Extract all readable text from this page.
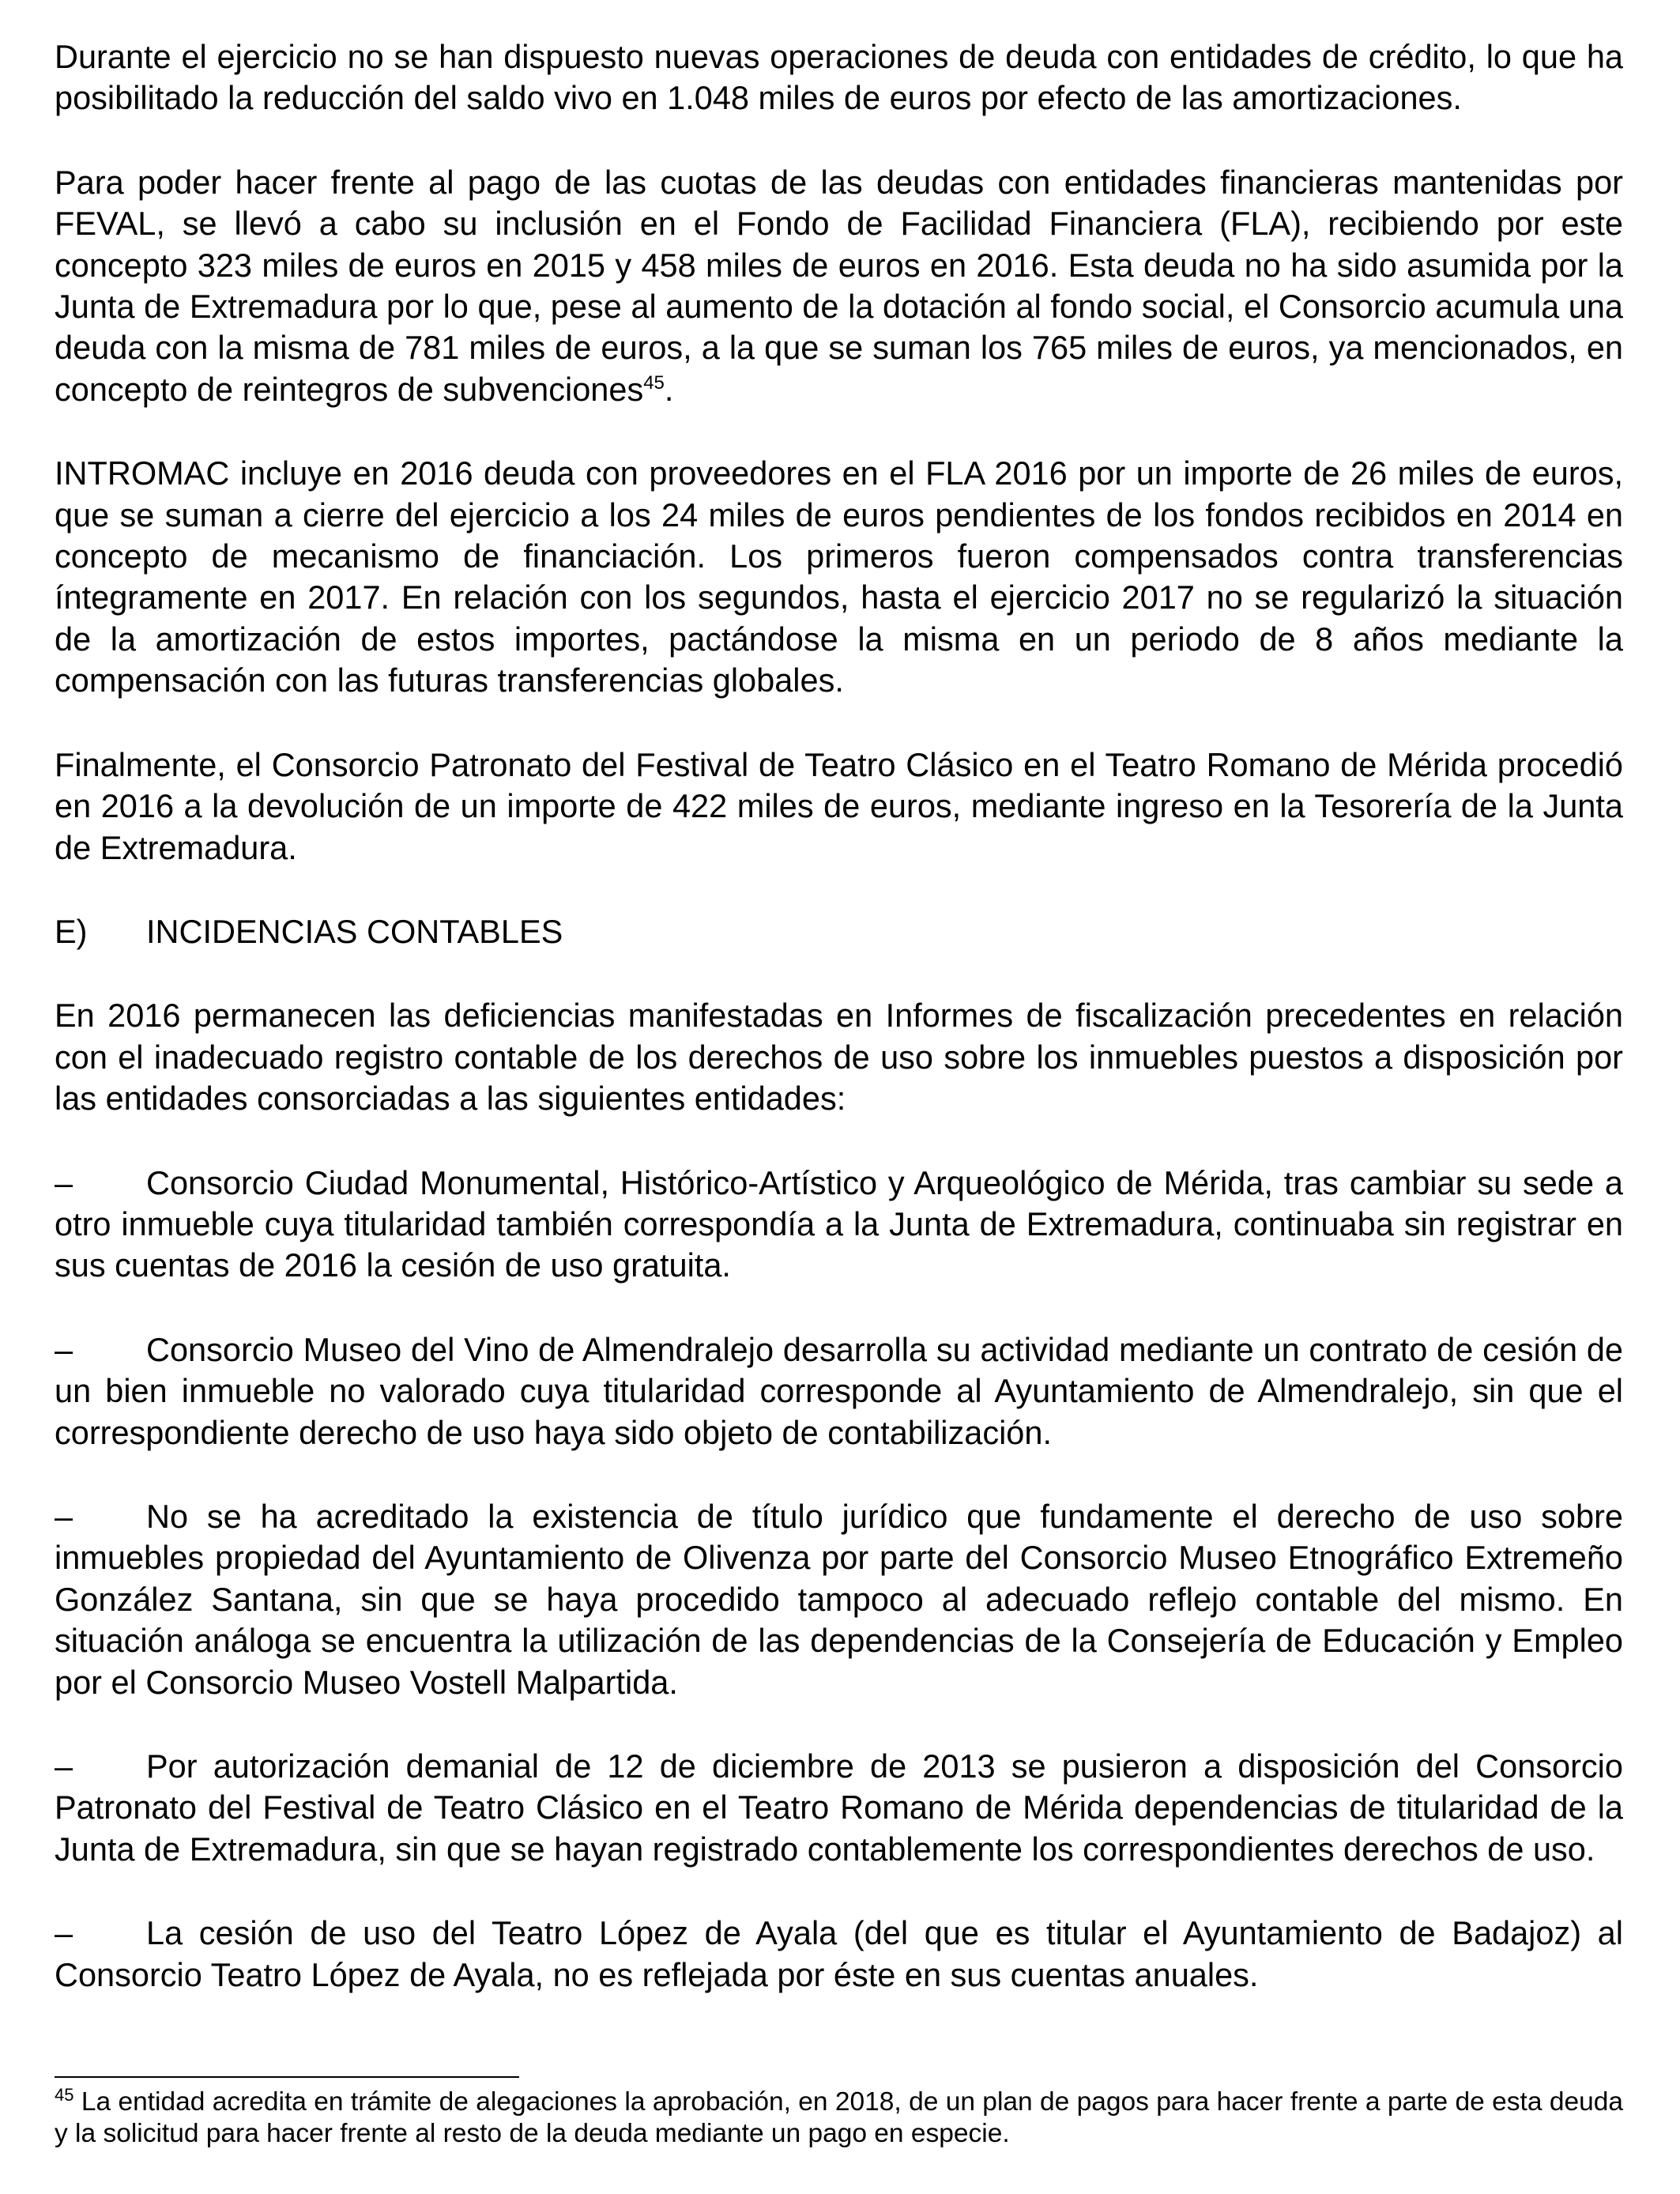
Durante el ejercicio no se han dispuesto nuevas operaciones de deuda con entidades de crédito, lo que ha posibilitado la reducción del saldo vivo en 1.048 miles de euros por efecto de las amortizaciones.

Para poder hacer frente al pago de las cuotas de las deudas con entidades financieras mantenidas por FEVAL, se llevó a cabo su inclusión en el Fondo de Facilidad Financiera (FLA), recibiendo por este concepto 323 miles de euros en 2015 y 458 miles de euros en 2016. Esta deuda no ha sido asumida por la Junta de Extremadura por lo que, pese al aumento de la dotación al fondo social, el Consorcio acumula una deuda con la misma de 781 miles de euros, a la que se suman los 765 miles de euros, ya mencionados, en concepto de reintegros de subvenciones$^{45}$.

INTROMAC incluye en 2016 deuda con proveedores en el FLA 2016 por un importe de 26 miles de euros, que se suman a cierre del ejercicio a los 24 miles de euros pendientes de los fondos recibidos en 2014 en concepto de mecanismo de financiación. Los primeros fueron compensados contra transferencias íntegramente en 2017. En relación con los segundos, hasta el ejercicio 2017 no se regularizó la situación de la amortización de estos importes, pactándose la misma en un periodo de 8 años mediante la compensación con las futuras transferencias globales.

Finalmente, el Consorcio Patronato del Festival de Teatro Clásico en el Teatro Romano de Mérida procedió en 2016 a la devolución de un importe de 422 miles de euros, mediante ingreso en la Tesorería de la Junta de Extremadura.

E) INCIDENCIAS CONTABLES

En 2016 permanecen las deficiencias manifestadas en Informes de fiscalización precedentes en relación con el inadecuado registro contable de los derechos de uso sobre los inmuebles puestos a disposición por las entidades consorciadas a las siguientes entidades:

– Consorcio Ciudad Monumental, Histórico-Artístico y Arqueológico de Mérida, tras cambiar su sede a otro inmueble cuya titularidad también correspondía a la Junta de Extremadura, continuaba sin registrar en sus cuentas de 2016 la cesión de uso gratuita.

– Consorcio Museo del Vino de Almendralejo desarrolla su actividad mediante un contrato de cesión de un bien inmueble no valorado cuya titularidad corresponde al Ayuntamiento de Almendralejo, sin que el correspondiente derecho de uso haya sido objeto de contabilización.

– No se ha acreditado la existencia de título jurídico que fundamente el derecho de uso sobre inmuebles propiedad del Ayuntamiento de Olivenza por parte del Consorcio Museo Etnográfico Extremeño González Santana, sin que se haya procedido tampoco al adecuado reflejo contable del mismo. En situación análoga se encuentra la utilización de las dependencias de la Consejería de Educación y Empleo por el Consorcio Museo Vostell Malpartida.

– Por autorización demanial de 12 de diciembre de 2013 se pusieron a disposición del Consorcio Patronato del Festival de Teatro Clásico en el Teatro Romano de Mérida dependencias de titularidad de la Junta de Extremadura, sin que se hayan registrado contablemente los correspondientes derechos de uso.

– La cesión de uso del Teatro López de Ayala (del que es titular el Ayuntamiento de Badajoz) al Consorcio Teatro López de Ayala, no es reflejada por éste en sus cuentas anuales.

$^{45}$ La entidad acredita en trámite de alegaciones la aprobación, en 2018, de un plan de pagos para hacer frente a parte de esta deuda y la solicitud para hacer frente al resto de la deuda mediante un pago en especie.
